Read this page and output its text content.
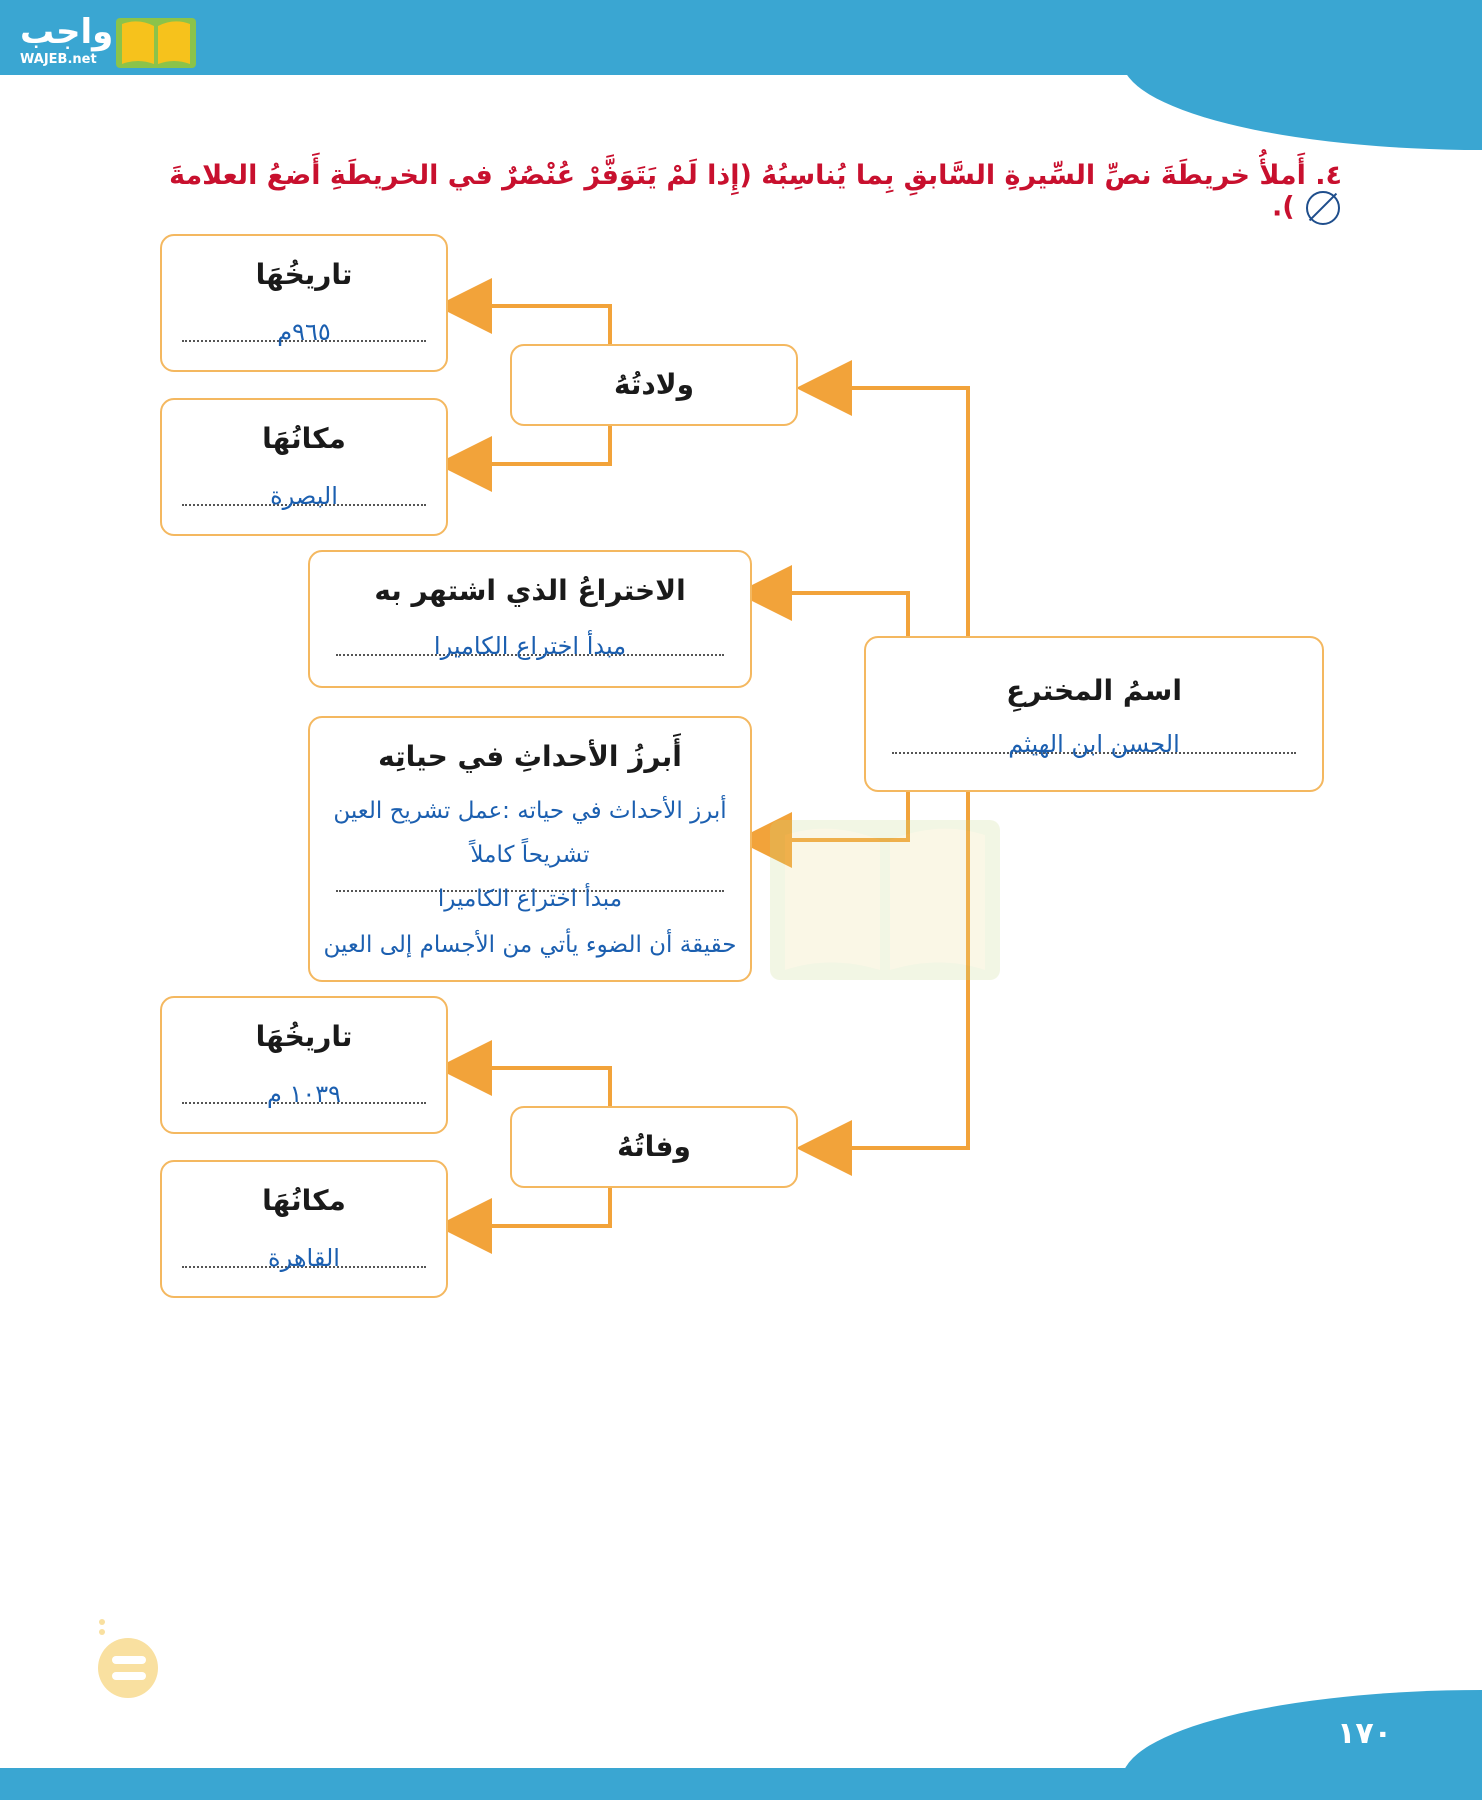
واجب
WAJEB.net
٤. أَملأُ خريطَةَ نصِّ السِّيرةِ السَّابقِ بِما يُناسِبُهُ (إِذا لَمْ يَتَوَفَّرْ عُنْصُرٌ في الخريطَةِ أَضعُ العلامةَ  ).
اسمُ المخترعِ
الحسن ابن الهيثم
ولادتُهُ
تاريخُهَا
٩٦٥م
مكانُهَا
البصرة
الاختراعُ الذي اشتهر به
مبدأ اختراع الكاميرا
أَبرزُ الأحداثِ في حياتِه
أبرز الأحداث في حياته :عمل تشريح العين
تشريحاً كاملاً
مبدأ اختراع الكاميرا
حقيقة أن الضوء يأتي من الأجسام إلى العين
وفاتُهُ
تاريخُهَا
١٠٣٩ م
مكانُهَا
القاهرة
١٧٠
